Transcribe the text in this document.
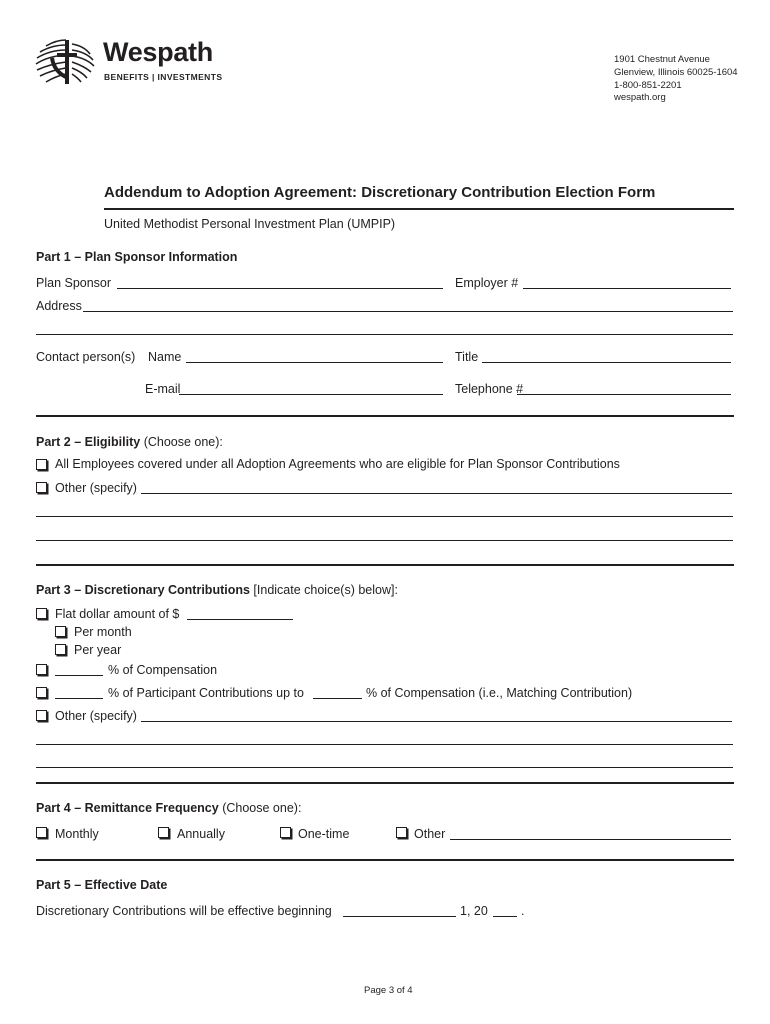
Wespath
BENEFITS | INVESTMENTS
1901 Chestnut Avenue
Glenview, Illinois 60025-1604
1-800-851-2201
wespath.org
Addendum to Adoption Agreement: Discretionary Contribution Election Form
United Methodist Personal Investment Plan (UMPIP)
Part 1 – Plan Sponsor Information
Plan Sponsor	Employer #
Address
Contact person(s) Name	Title
E-mail	Telephone #
Part 2 – Eligibility (Choose one):
All Employees covered under all Adoption Agreements who are eligible for Plan Sponsor Contributions
Other (specify)
Part 3 – Discretionary Contributions [Indicate choice(s) below]:
Flat dollar amount of $
Per month
Per year
% of Compensation
% of Participant Contributions up to	% of Compensation (i.e., Matching Contribution)
Other (specify)
Part 4 – Remittance Frequency (Choose one):
Monthly	Annually	One-time	Other
Part 5 – Effective Date
Discretionary Contributions will be effective beginning	1, 20	.
Page 3 of 4
